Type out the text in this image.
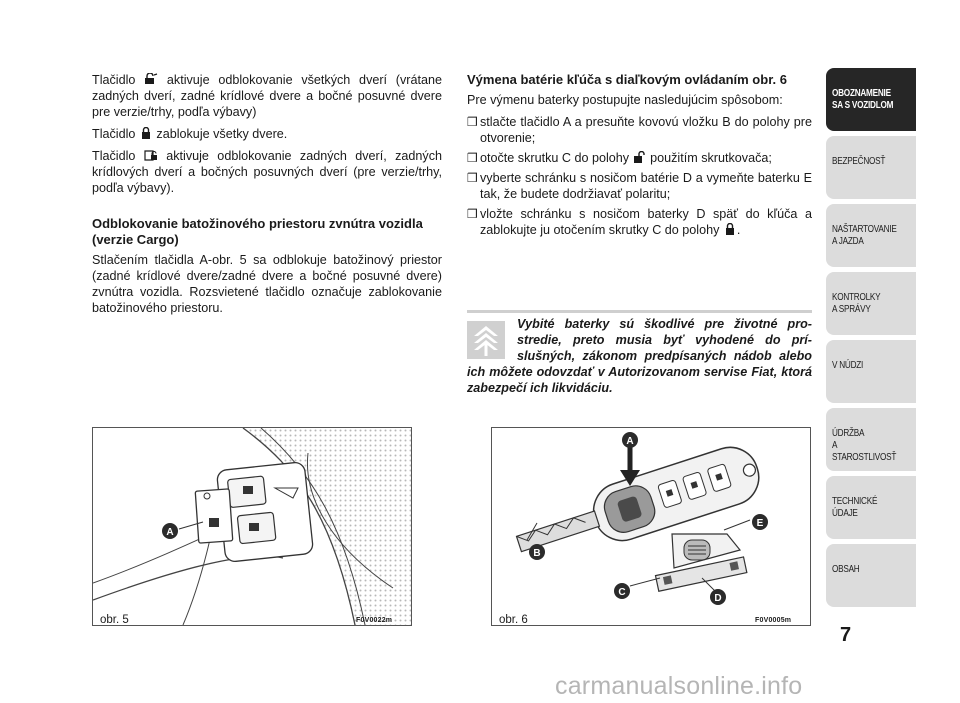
Tlačidlo	aktivuje odblokovanie všetkých dverí (vrátane zadných dverí, zadné krídlové dvere a bočné posuvné dvere pre verzie/trhy, podľa výbavy)

Tlačidlo zablokuje všetky dvere.

Tlačidlo aktivuje odblokovanie zadných dverí, zadných krídlových dverí a bočných posuvných dverí (pre verzie/trhy, podľa výbavy).

Odblokovanie batožinového priestoru zvnútra vozidla (verzie Cargo)

Stlačením tlačidla A-obr. 5 sa odblokuje batožinový priestor (zadné krídlové dvere/zadné dvere a bočné posuvné dvere) zvnútra vozidla. Rozsvietené tlačidlo označuje zablokovanie batožinového priestoru.

Výmena batérie kľúča s diaľkovým ovládaním obr. 6

Pre výmenu baterky postupujte nasledujúcim spôsobom:

❒ stlačte tlačidlo A a presuňte kovovú vložku B do polohy pre otvorenie;
❒ otočte skrutku C do polohy použitím skrutkovača;
❒ vyberte schránku s nosičom batérie D a vymeňte baterku E tak, že budete dodržiavať polaritu;
❒ vložte schránku s nosičom baterky D späť do kľúča a zablokujte ju otočením skrutky C do polohy .
Vybité baterky sú škodlivé pre životné prostredie, preto musia byť vyhodené do príslušných, zákonom predpísaných nádob alebo ich môžete odovzdať v Autorizovanom servise Fiat, ktorá zabezpečí ich likvidáciu.
A
obr. 5	F0V0022m
A
B
C
D
E
obr. 6	F0V0005m
OBOZNAMENIE
SA S VOZIDLOM
BEZPEČNOSŤ
NAŠTARTOVANIE
A JAZDA
KONTROLKY
A SPRÁVY
V NÚDZI
ÚDRŽBA
A STAROSTLIVOSŤ
TECHNICKÉ
ÚDAJE
OBSAH
7
carmanualsonline.info
